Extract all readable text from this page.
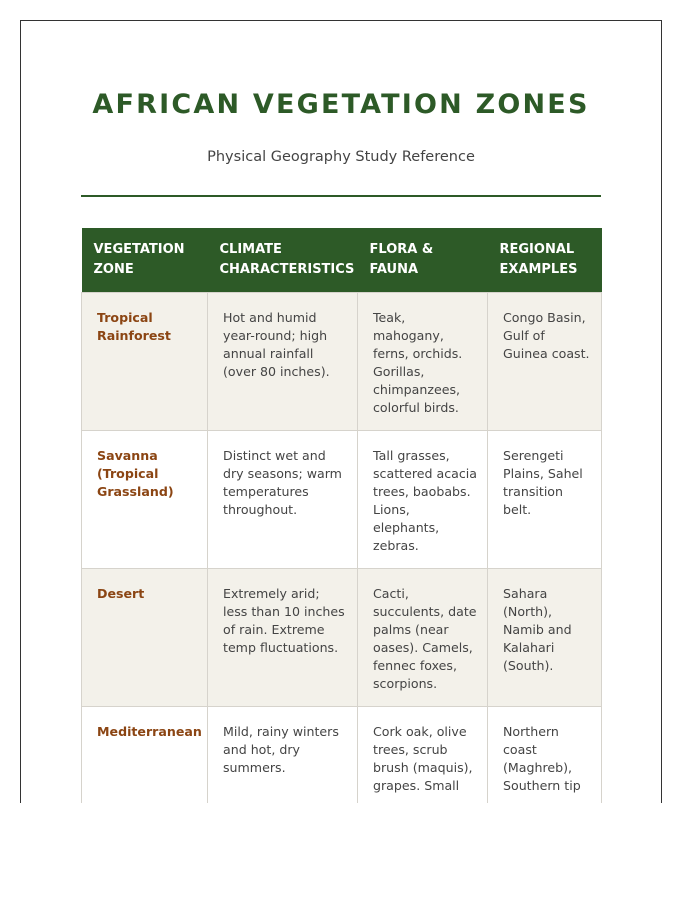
AFRICAN VEGETATION ZONES
Physical Geography Study Reference
VEGETATION ZONE	CLIMATE CHARACTERISTICS	FLORA & FAUNA	REGIONAL EXAMPLES
Tropical Rainforest	Hot and humid year-round; high annual rainfall (over 80 inches).	Teak, mahogany, ferns, orchids. Gorillas, chimpanzees, colorful birds.	Congo Basin, Gulf of Guinea coast.
Savanna (Tropical Grassland)	Distinct wet and dry seasons; warm temperatures throughout.	Tall grasses, scattered acacia trees, baobabs. Lions, elephants, zebras.	Serengeti Plains, Sahel transition belt.
Desert	Extremely arid; less than 10 inches of rain. Extreme temp fluctuations.	Cacti, succulents, date palms (near oases). Camels, fennec foxes, scorpions.	Sahara (North), Namib and Kalahari (South).
Mediterranean	Mild, rainy winters and hot, dry summers.	Cork oak, olive trees, scrub brush (maquis), grapes. Small	Northern coast (Maghreb), Southern tip
